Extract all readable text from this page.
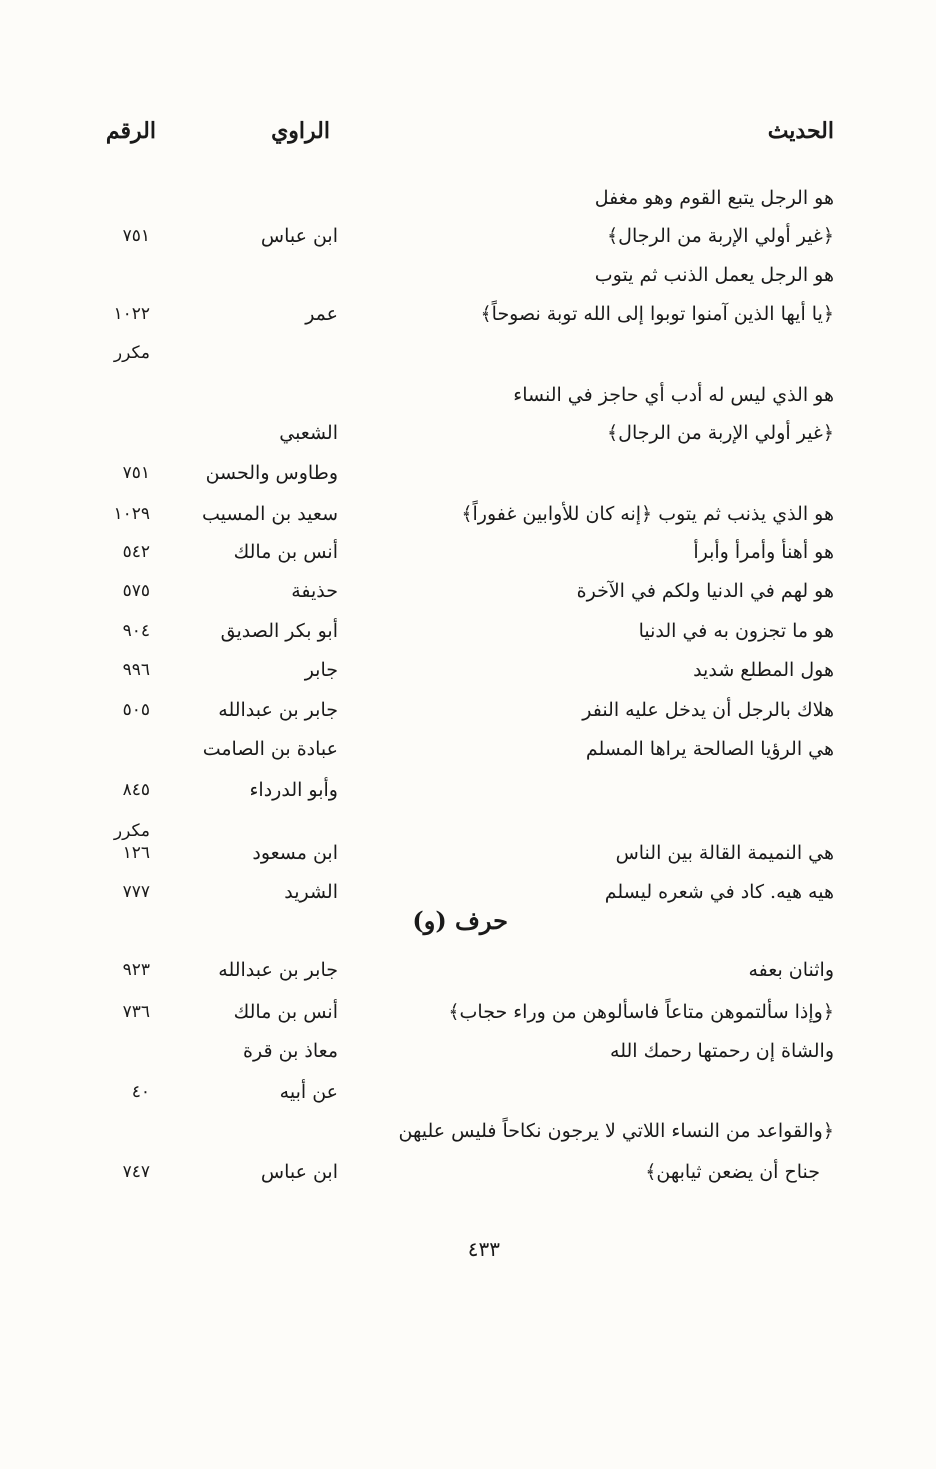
الحديث
الراوي
الرقم
هو الرجل يتبع القوم وهو مغفل
﴿غير أولي الإربة من الرجال﴾
ابن عباس
٧٥١
هو الرجل يعمل الذنب ثم يتوب
﴿يا أيها الذين آمنوا توبوا إلى الله توبة نصوحاً﴾
عمر
١٠٢٢
مكرر
هو الذي ليس له أدب أي حاجز في النساء
﴿غير أولي الإربة من الرجال﴾
الشعبي
وطاوس والحسن
٧٥١
هو الذي يذنب ثم يتوب ﴿إنه كان للأوابين غفوراً﴾
سعيد بن المسيب
١٠٢٩
هو أهنأ وأمرأ وأبرأ
أنس بن مالك
٥٤٢
هو لهم في الدنيا ولكم في الآخرة
حذيفة
٥٧٥
هو ما تجزون به في الدنيا
أبو بكر الصديق
٩٠٤
هول المطلع شديد
جابر
٩٩٦
هلاك بالرجل أن يدخل عليه النفر
جابر بن عبدالله
٥٠٥
هي الرؤيا الصالحة يراها المسلم
عبادة بن الصامت
وأبو الدرداء
٨٤٥
مكرر
هي النميمة القالة بين الناس
ابن مسعود
١٢٦
هيه هيه. كاد في شعره ليسلم
الشريد
٧٧٧
حرف (و)
واثنان بعفه
جابر بن عبدالله
٩٢٣
﴿وإذا سألتموهن متاعاً فاسألوهن من وراء حجاب﴾
أنس بن مالك
٧٣٦
والشاة إن رحمتها رحمك الله
معاذ بن قرة
عن أبيه
٤٠
﴿والقواعد من النساء اللاتي لا يرجون نكاحاً فليس عليهن
جناح أن يضعن ثيابهن﴾
ابن عباس
٧٤٧
٤٣٣
